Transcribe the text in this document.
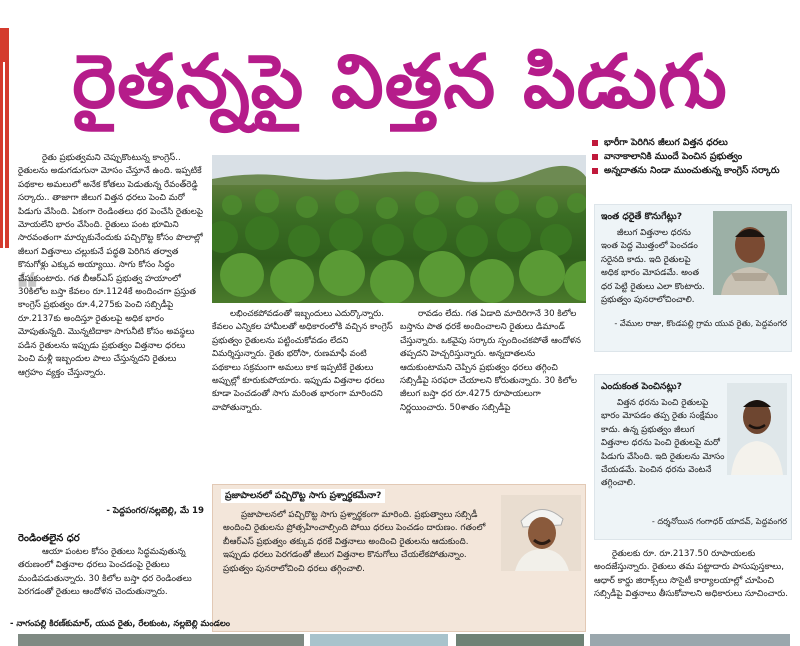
రైతన్నపై విత్తన పిడుగు
❝
రైతు ప్రభుత్వమని చెప్పుకొంటున్న కాంగ్రెస్.. రైతులను అడుగడుగునా మోసం చేస్తూనే ఉంది. ఇప్పటికే పథకాల అమలులో అనేక కోతలు పెడుతున్న రేవంత్‌రెడ్డి సర్కారు.. తాజాగా జీలుగ విత్తన ధరలు పెంచి మరో పిడుగు వేసింది. ఏకంగా రెండింతలు ధర పెంచేసి రైతులపై మోయలేని భారం వేసింది. రైతులు పంట భూమిని సారవంతంగా మార్చుకునేందుకు పచ్చిరొట్ట కోసం పొలాల్లో జీలుగ విత్తనాలు చల్లుకునే పద్ధతి పెరిగిన తర్వాత కొనుగోళ్లు ఎక్కువ అయ్యాయి. సాగు కోసం సిద్ధం చేసుకుంటారు. గత బీఆర్ఎస్ ప్రభుత్వ హయాంలో 30కిలోల బస్తా కేవలం రూ.1124కే అందించగా ప్రస్తుత కాంగ్రెస్ ప్రభుత్వం రూ.4,275కు పెంచి సబ్సిడీపై రూ.2137కు అందిస్తూ రైతులపై అధిక భారం మోపుతున్నది. మొన్నటిదాకా సాగునీటి కోసం అవస్థలు పడిన రైతులను ఇప్పుడు ప్రభుత్వం విత్తనాల ధరలు పెంచి మళ్లీ ఇబ్బందుల పాలు చేస్తున్నదని రైతులు ఆగ్రహం వ్యక్తం చేస్తున్నారు.
- పెద్దపంగర/నల్లబెల్లి, మే 19
రెండింతలైన ధర
ఆయా పంటల కోసం రైతులు సిద్ధమవుతున్న తరుణంలో విత్తనాల ధరలు పెంచడంపై రైతులు మండిపడుతున్నారు. 30 కిలోల బస్తా ధర రెండింతలు పెరగడంతో రైతులు ఆందోళన చెందుతున్నారు.
లభించకపోవడంతో ఇబ్బందులు ఎదుర్కొన్నారు. కేవలం ఎన్నికల హామీలతో అధికారంలోకి వచ్చిన కాంగ్రెస్ ప్రభుత్వం రైతులను పట్టించుకోవడం లేదని విమర్శిస్తున్నారు. రైతు భరోసా, రుణమాఫీ వంటి పథకాలు సక్రమంగా అమలు కాక ఇప్పటికే రైతులు అప్పుల్లో కూరుకుపోయారు. ఇప్పుడు విత్తనాల ధరలు కూడా పెంచడంతో సాగు మరింత భారంగా మారిందని వాపోతున్నారు.
రావడం లేదు. గత ఏడాది మాదిరిగానే 30 కిలోల బస్తాను పాత ధరకే అందించాలని రైతులు డిమాండ్ చేస్తున్నారు. ఒకవైపు సర్కారు స్పందించకపోతే ఆందోళన తప్పదని హెచ్చరిస్తున్నారు. అన్నదాతలను ఆదుకుంటామని చెప్పిన ప్రభుత్వం ధరలు తగ్గించి సబ్సిడీపై సరఫరా చేయాలని కోరుతున్నారు. 30 కిలోల జీలుగ బస్తా ధర రూ.4275 రూపాయలుగా నిర్ణయించారు. 50శాతం సబ్సిడీపై
ప్రజాపాలనలో పచ్చిరొట్ట సాగు ప్రశ్నార్థకమేనా?
ప్రజాపాలనలో పచ్చిరొట్ట సాగు ప్రశ్నార్థకంగా మారింది. ప్రభుత్వాలు సబ్సిడీ అందించి రైతులను ప్రోత్సహించాల్సింది పోయి ధరలు పెంచడం దారుణం. గతంలో బీఆర్ఎస్ ప్రభుత్వం తక్కువ ధరకే విత్తనాలు అందించి రైతులను ఆదుకుంది. ఇప్పుడు ధరలు పెరగడంతో జీలుగ విత్తనాల కొనుగోలు చేయలేకపోతున్నాం. ప్రభుత్వం పునరాలోచించి ధరలు తగ్గించాలి.
- నాగంపల్లి కిరణ్‌కుమార్, యువ రైతు, రేలకుంట, నల్లబెల్లి మండలం
భారీగా పెరిగిన జీలుగ విత్తన ధరలు
వానాకాలానికి ముందే పెంచిన ప్రభుత్వం
అన్నదాతను నిండా ముంచుతున్న కాంగ్రెస్ సర్కారు
ఇంత ధరైతే కొనుగేట్లు?
జీలుగ విత్తనాల ధరను ఇంత పెద్ద మొత్తంలో పెంచడం సరైనది కాదు. ఇది రైతులపై అధిక భారం మోపడమే. అంత ధర పెట్టి రైతులు ఎలా కొంటారు. ప్రభుత్వం పునరాలోచించాలి.
- వేముల రాజు, కొండపల్లి గ్రామ యువ రైతు, పెద్దవంగర
ఎందుకంత పెంచినట్లు?
విత్తన ధరను పెంచి రైతులపై భారం మోపడం తప్ప రైతు సంక్షేమం కాదు. ఉన్న ప్రభుత్వం జీలుగ విత్తనాల ధరను పెంచి రైతులపై మరో పిడుగు వేసింది. ఇది రైతులను మోసం చేయడమే. పెంచిన ధరను వెంటనే తగ్గించాలి.
- దర్శనోయిన గంగాధర్ యాదవ్, పెద్దవంగర
రైతులకు రూ. రూ.2137.50 రూపాయలకు అందజేస్తున్నారు. రైతులు తమ పట్టాదారు పాసుపుస్తకాలు, ఆధార్ కార్డు జిరాక్స్‌లు సొసైటీ కార్యాలయాల్లో చూపించి సబ్సిడీపై విత్తనాలు తీసుకోవాలని అధికారులు సూచించారు.
